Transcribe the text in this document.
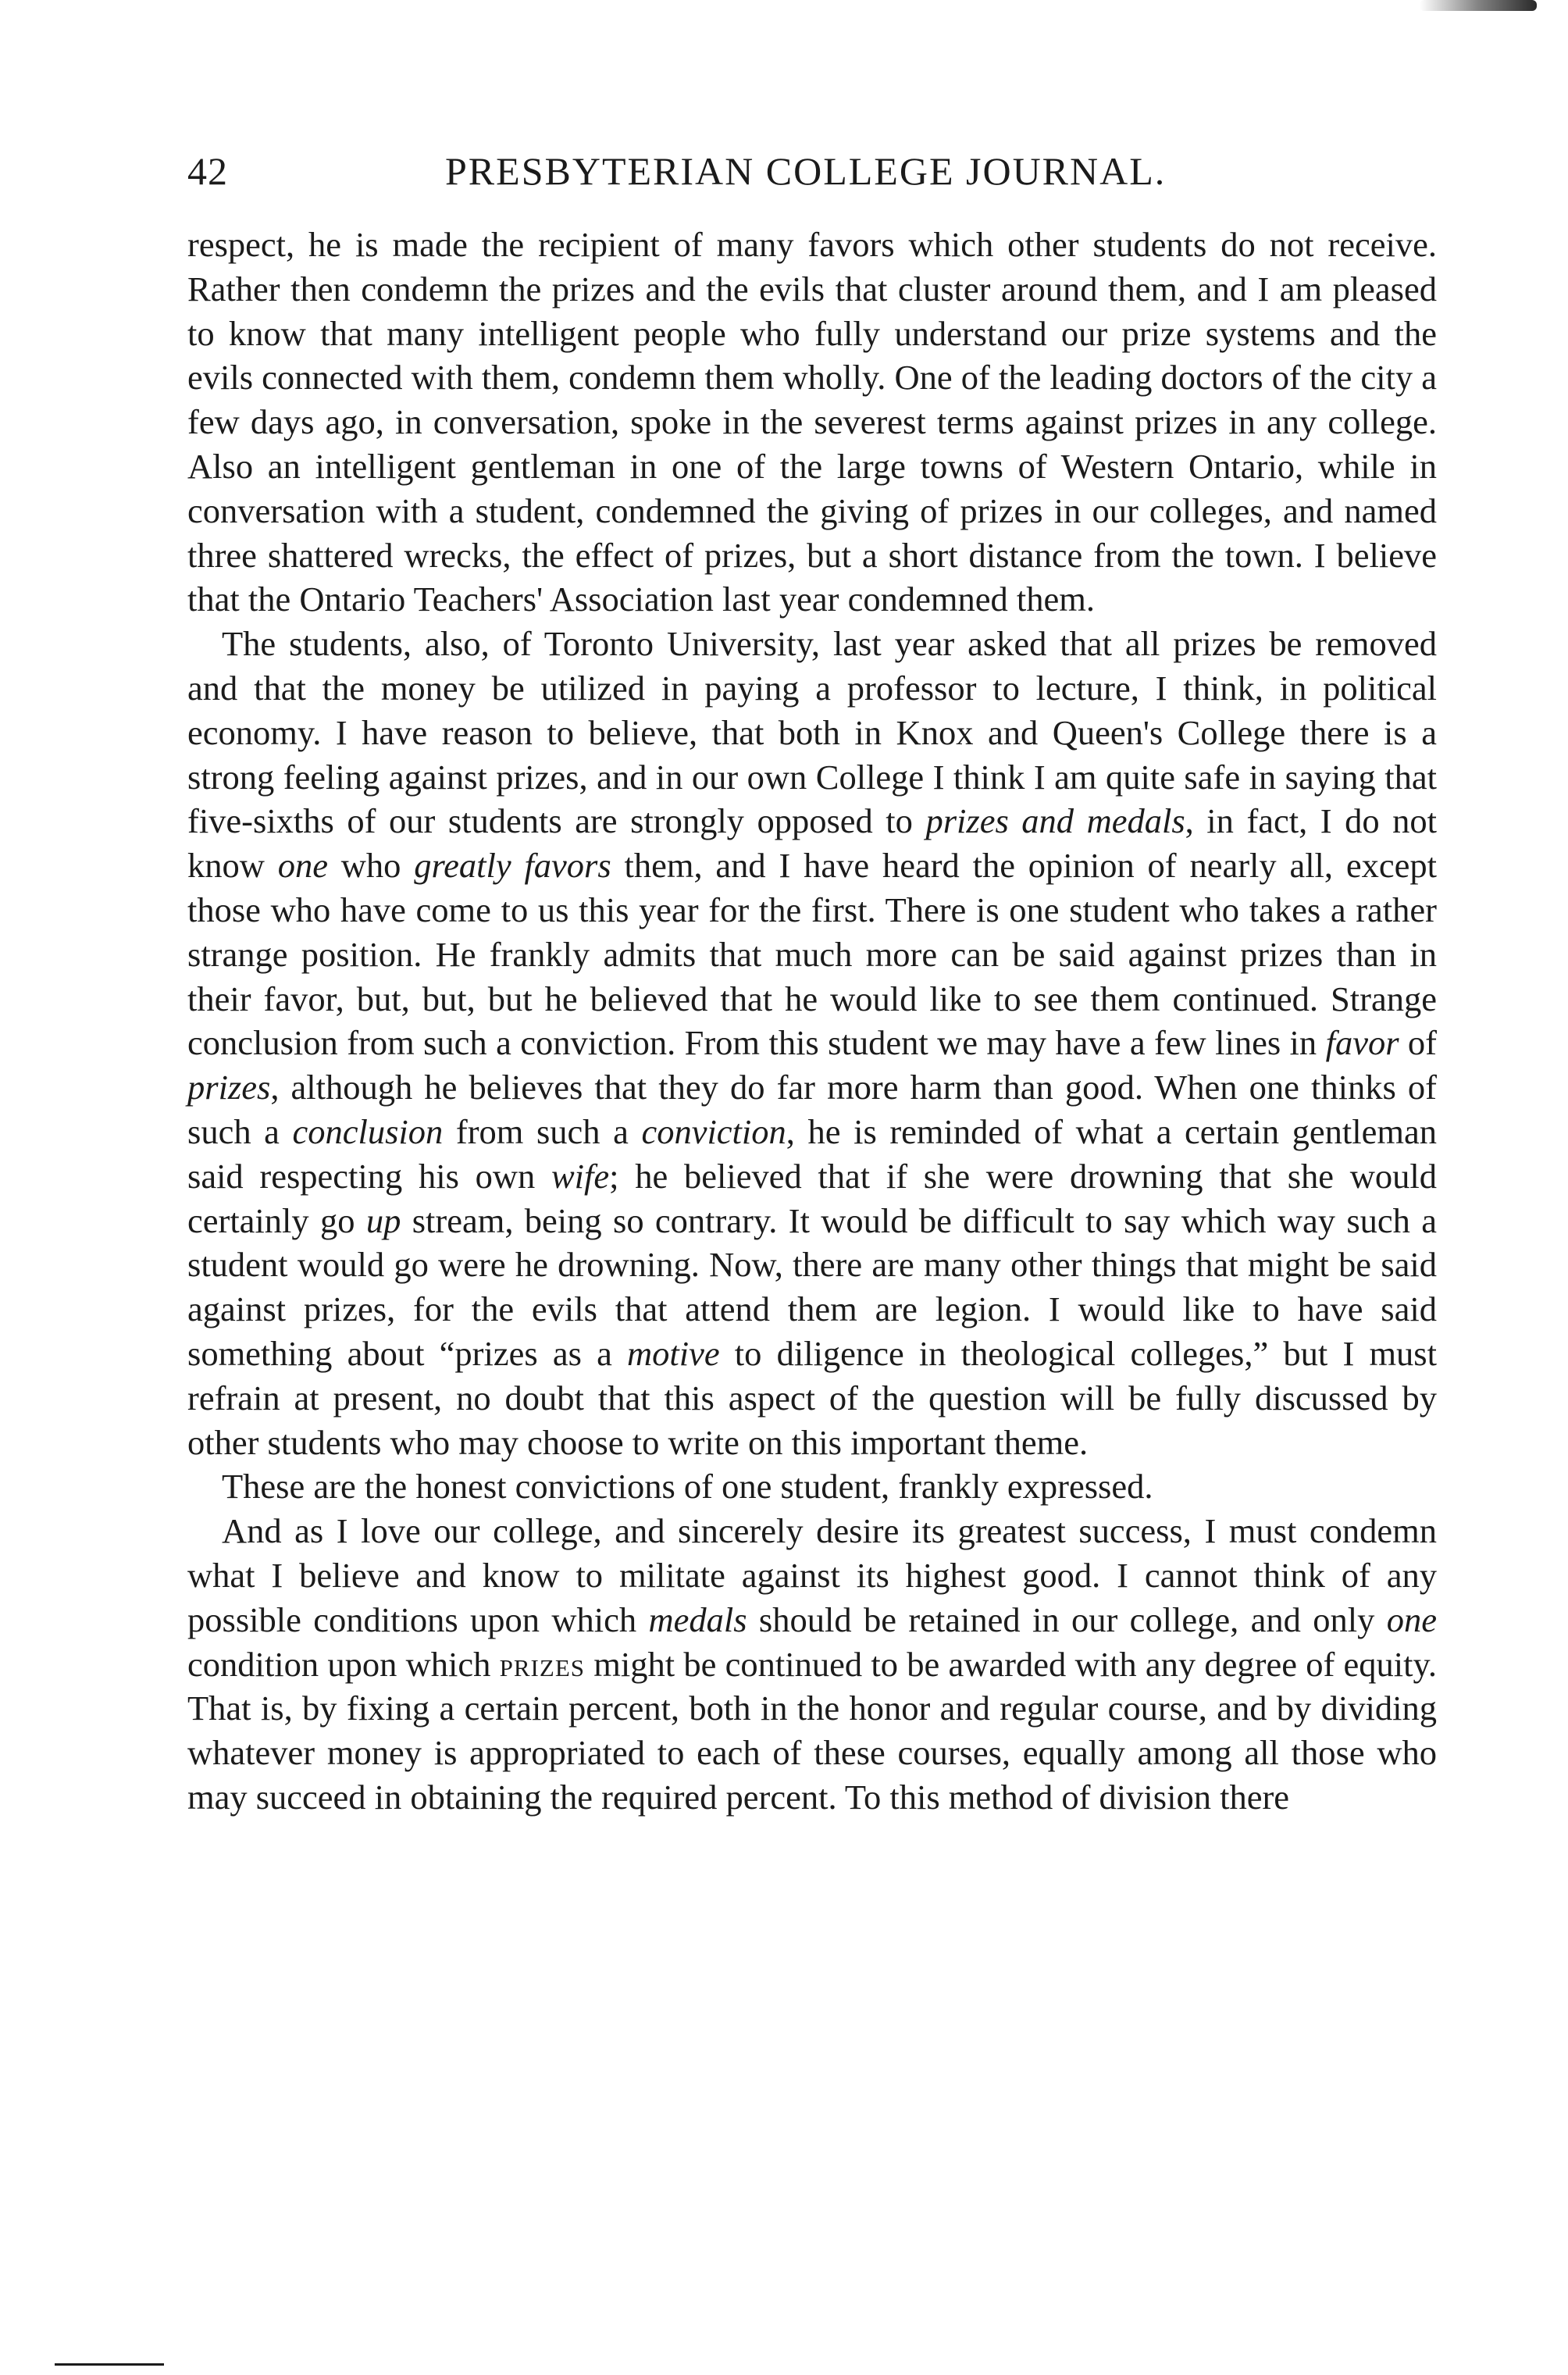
42	PRESBYTERIAN COLLEGE JOURNAL.

respect, he is made the recipient of many favors which other students do not receive. Rather then condemn the prizes and the evils that cluster around them, and I am pleased to know that many intelligent people who fully understand our prize systems and the evils connected with them, condemn them wholly. One of the leading doctors of the city a few days ago, in conversation, spoke in the severest terms against prizes in any college. Also an intelligent gentleman in one of the large towns of Western Ontario, while in conversation with a student, condemned the giving of prizes in our colleges, and named three shattered wrecks, the effect of prizes, but a short distance from the town. I believe that the Ontario Teachers' Association last year condemned them.

The students, also, of Toronto University, last year asked that all prizes be removed and that the money be utilized in paying a professor to lecture, I think, in political economy. I have reason to believe, that both in Knox and Queen's College there is a strong feeling against prizes, and in our own College I think I am quite safe in saying that five-sixths of our students are strongly opposed to prizes and medals, in fact, I do not know one who greatly favors them, and I have heard the opinion of nearly all, except those who have come to us this year for the first. There is one student who takes a rather strange position. He frankly admits that much more can be said against prizes than in their favor, but, but, but he believed that he would like to see them continued. Strange conclusion from such a conviction. From this student we may have a few lines in favor of prizes, although he believes that they do far more harm than good. When one thinks of such a conclusion from such a conviction, he is reminded of what a certain gentleman said respecting his own wife; he believed that if she were drowning that she would certainly go up stream, being so contrary. It would be difficult to say which way such a student would go were he drowning. Now, there are many other things that might be said against prizes, for the evils that attend them are legion. I would like to have said something about “prizes as a motive to diligence in theological colleges,” but I must refrain at present, no doubt that this aspect of the question will be fully discussed by other students who may choose to write on this important theme.

These are the honest convictions of one student, frankly expressed.

And as I love our college, and sincerely desire its greatest success, I must condemn what I believe and know to militate against its highest good. I cannot think of any possible conditions upon which medals should be retained in our college, and only one condition upon which prizes might be continued to be awarded with any degree of equity. That is, by fixing a certain percent, both in the honor and regular course, and by dividing whatever money is appropriated to each of these courses, equally among all those who may succeed in obtaining the required percent. To this method of division there
